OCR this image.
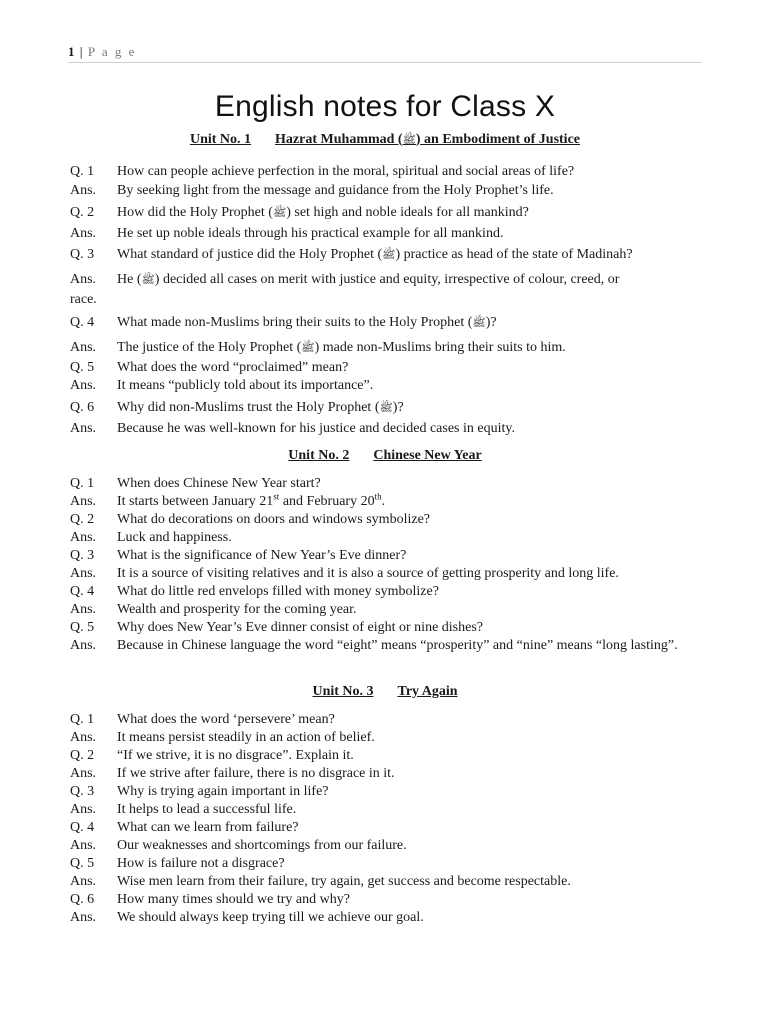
1 | P a g e
English notes for Class X
Unit No. 1 Hazrat Muhammad (ﷺ) an Embodiment of Justice
Q. 1 How can people achieve perfection in the moral, spiritual and social areas of life?
Ans. By seeking light from the message and guidance from the Holy Prophet’s life.
Q. 2 How did the Holy Prophet (ﷺ) set high and noble ideals for all mankind?
Ans. He set up noble ideals through his practical example for all mankind.
Q. 3 What standard of justice did the Holy Prophet (ﷺ) practice as head of the state of Madinah?
Ans. He (ﷺ) decided all cases on merit with justice and equity, irrespective of colour, creed, or
race.
Q. 4 What made non-Muslims bring their suits to the Holy Prophet (ﷺ)?
Ans. The justice of the Holy Prophet (ﷺ) made non-Muslims bring their suits to him.
Q. 5 What does the word “proclaimed” mean?
Ans. It means “publicly told about its importance”.
Q. 6 Why did non-Muslims trust the Holy Prophet (ﷺ)?
Ans. Because he was well-known for his justice and decided cases in equity.
Unit No. 2 Chinese New Year
Q. 1 When does Chinese New Year start?
Ans. It starts between January 21st and February 20th.
Q. 2 What do decorations on doors and windows symbolize?
Ans. Luck and happiness.
Q. 3 What is the significance of New Year’s Eve dinner?
Ans. It is a source of visiting relatives and it is also a source of getting prosperity and long life.
Q. 4 What do little red envelops filled with money symbolize?
Ans. Wealth and prosperity for the coming year.
Q. 5 Why does New Year’s Eve dinner consist of eight or nine dishes?
Ans. Because in Chinese language the word “eight” means “prosperity” and “nine” means “long lasting”.
Unit No. 3 Try Again
Q. 1 What does the word ‘persevere’ mean?
Ans. It means persist steadily in an action of belief.
Q. 2 “If we strive, it is no disgrace”. Explain it.
Ans. If we strive after failure, there is no disgrace in it.
Q. 3 Why is trying again important in life?
Ans. It helps to lead a successful life.
Q. 4 What can we learn from failure?
Ans. Our weaknesses and shortcomings from our failure.
Q. 5 How is failure not a disgrace?
Ans. Wise men learn from their failure, try again, get success and become respectable.
Q. 6 How many times should we try and why?
Ans. We should always keep trying till we achieve our goal.
